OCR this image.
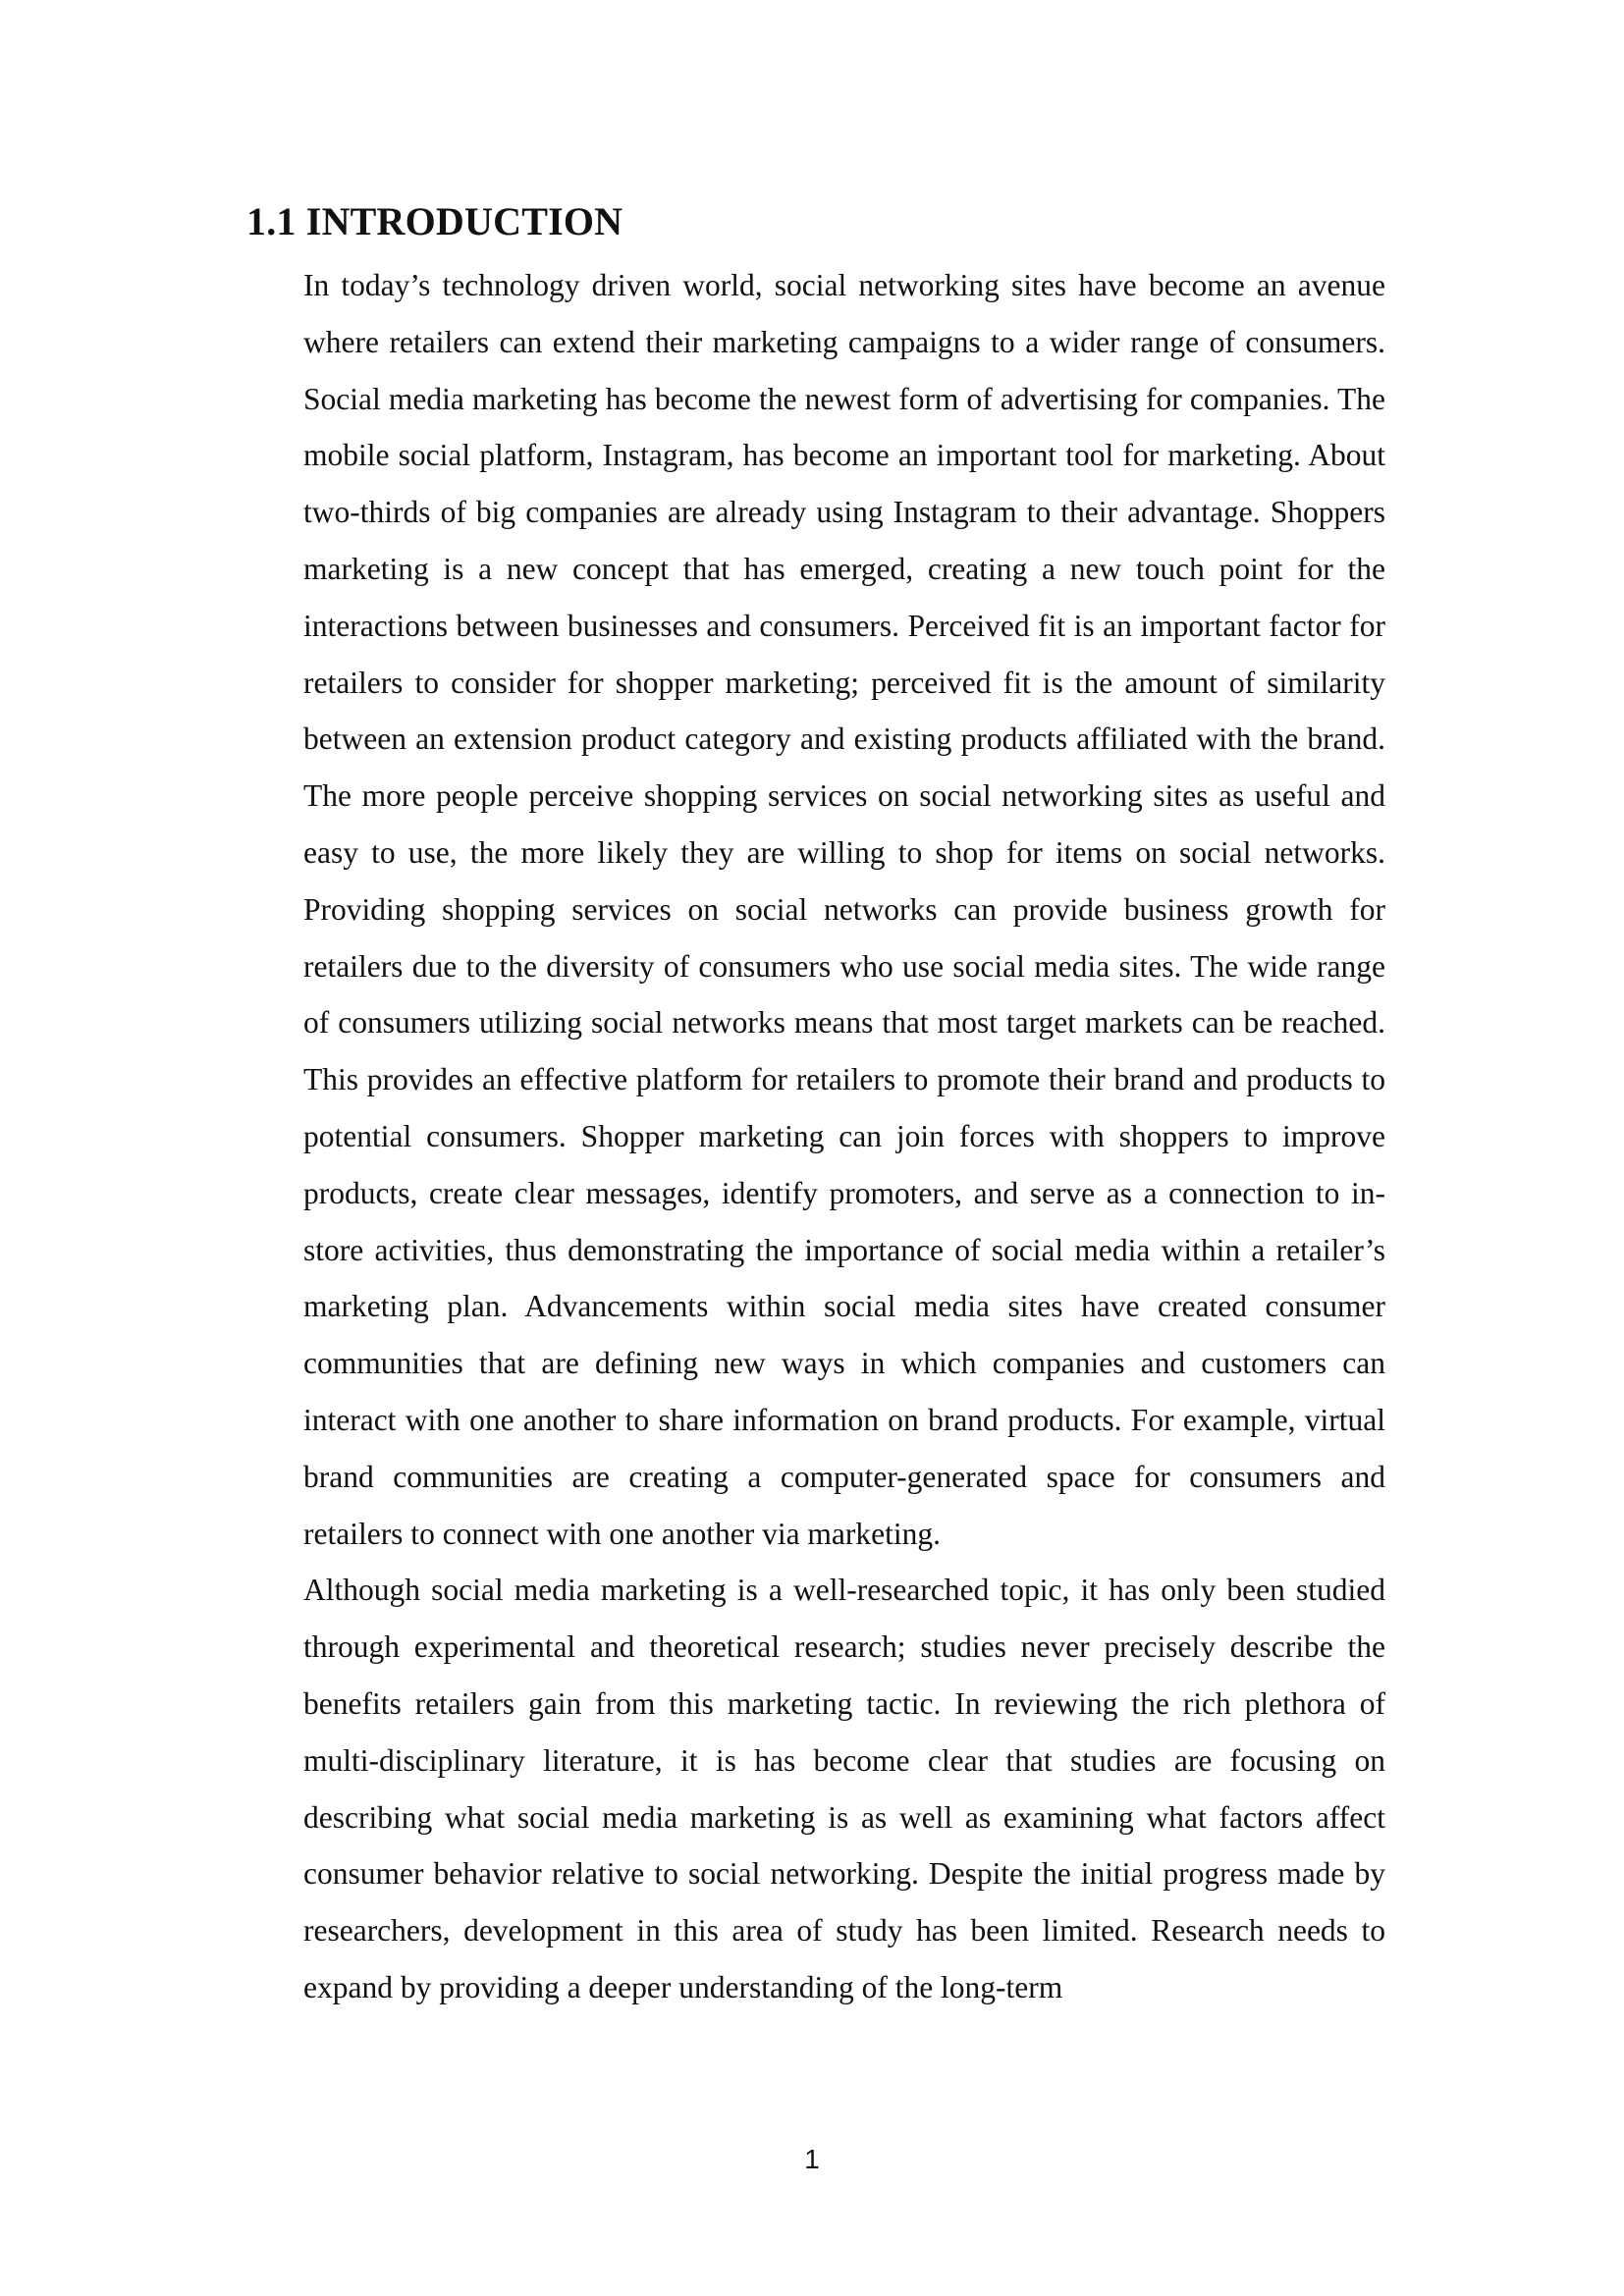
1.1 INTRODUCTION

In today’s technology driven world, social networking sites have become an avenue where retailers can extend their marketing campaigns to a wider range of consumers. Social media marketing has become the newest form of advertising for companies. The mobile social platform, Instagram, has become an important tool for marketing. About two-thirds of big companies are already using Instagram to their advantage. Shoppers marketing is a new concept that has emerged, creating a new touch point for the interactions between businesses and consumers. Perceived fit is an important factor for retailers to consider for shopper marketing; perceived fit is the amount of similarity between an extension product category and existing products affiliated with the brand. The more people perceive shopping services on social networking sites as useful and easy to use, the more likely they are willing to shop for items on social networks. Providing shopping services on social networks can provide business growth for retailers due to the diversity of consumers who use social media sites. The wide range of consumers utilizing social networks means that most target markets can be reached. This provides an effective platform for retailers to promote their brand and products to potential consumers. Shopper marketing can join forces with shoppers to improve products, create clear messages, identify promoters, and serve as a connection to in-store activities, thus demonstrating the importance of social media within a retailer’s marketing plan. Advancements within social media sites have created consumer communities that are defining new ways in which companies and customers can interact with one another to share information on brand products. For example, virtual brand communities are creating a computer-generated space for consumers and retailers to connect with one another via marketing.

Although social media marketing is a well-researched topic, it has only been studied through experimental and theoretical research; studies never precisely describe the benefits retailers gain from this marketing tactic. In reviewing the rich plethora of multi-disciplinary literature, it is has become clear that studies are focusing on describing what social media marketing is as well as examining what factors affect consumer behavior relative to social networking. Despite the initial progress made by researchers, development in this area of study has been limited. Research needs to expand by providing a deeper understanding of the long-term

1
